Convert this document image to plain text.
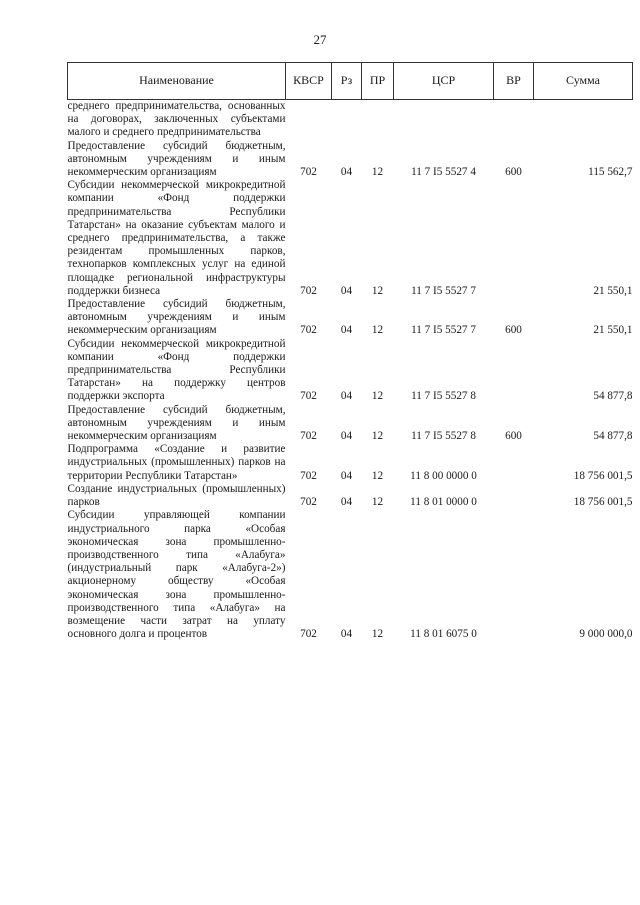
27
Наименование	КВСР	Рз	ПР	ЦСР	ВР	Сумма
среднего предпринимательства, основанных на договорах, заключенных субъектами малого и среднего предпринимательства						
Предоставление субсидий бюджетным, автономным учреждениям и иным некоммерческим организациям	702	04	12	11 7 I5 5527 4	600	115 562,7
Субсидии некоммерческой микрокредитной компании «Фонд поддержки предпринимательства Республики Татарстан» на оказание субъектам малого и среднего предпринимательства, а также резидентам промышленных парков, технопарков комплексных услуг на единой площадке региональной инфраструктуры поддержки бизнеса	702	04	12	11 7 I5 5527 7		21 550,1
Предоставление субсидий бюджетным, автономным учреждениям и иным некоммерческим организациям	702	04	12	11 7 I5 5527 7	600	21 550,1
Субсидии некоммерческой микрокредитной компании «Фонд поддержки предпринимательства Республики Татарстан» на поддержку центров поддержки экспорта	702	04	12	11 7 I5 5527 8		54 877,8
Предоставление субсидий бюджетным, автономным учреждениям и иным некоммерческим организациям	702	04	12	11 7 I5 5527 8	600	54 877,8
Подпрограмма «Создание и развитие индустриальных (промышленных) парков на территории Республики Татарстан»	702	04	12	11 8 00 0000 0		18 756 001,5
Создание индустриальных (промышленных) парков	702	04	12	11 8 01 0000 0		18 756 001,5
Субсидии управляющей компании индустриального парка «Особая экономическая зона промышленно-производственного типа «Алабуга» (индустриальный парк «Алабуга-2») акционерному обществу «Особая экономическая зона промышленно-производственного типа «Алабуга» на возмещение части затрат на уплату основного долга и процентов	702	04	12	11 8 01 6075 0		9 000 000,0
